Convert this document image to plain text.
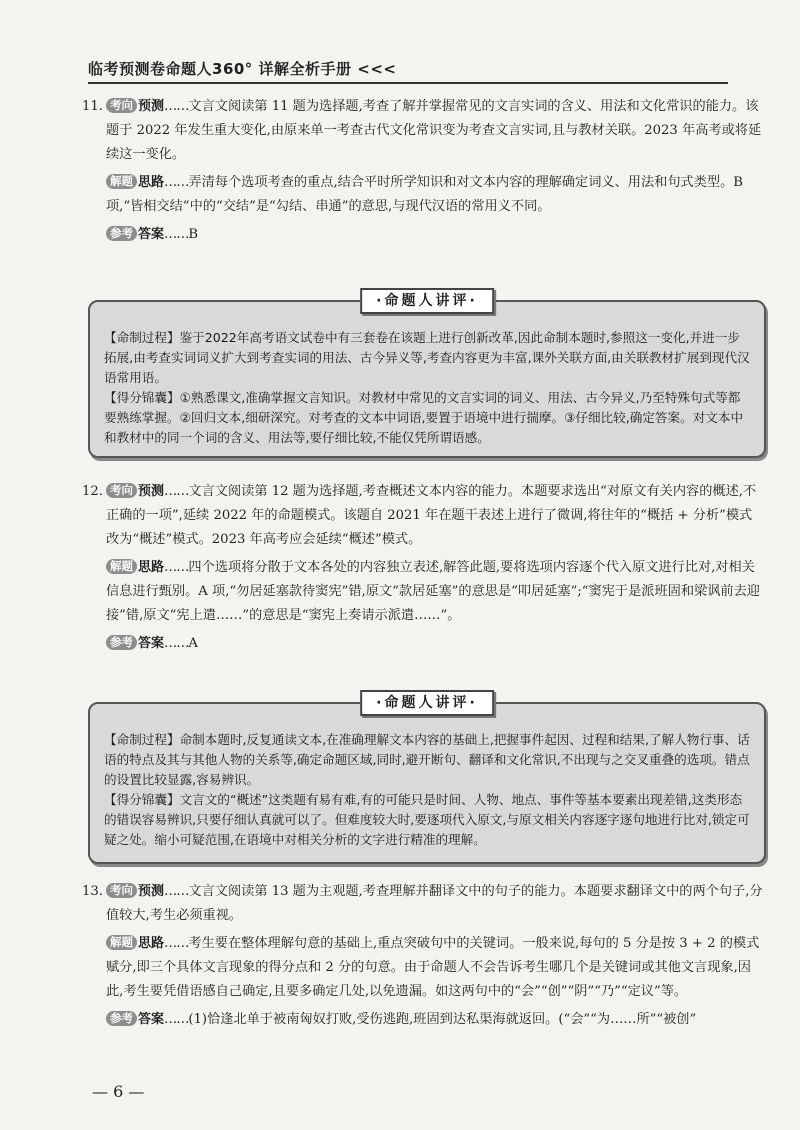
临考预测卷命题人360° 详解全析手册 <<<
11. 考向 预测……文言文阅读第 11 题为选择题,考查了解并掌握常见的文言实词的含义、用法和文化常识的能力。该题于 2022 年发生重大变化,由原来单一考查古代文化常识变为考查文言实词,且与教材关联。2023 年高考或将延续这一变化。

解题 思路……弄清每个选项考查的重点,结合平时所学知识和对文本内容的理解确定词义、用法和句式类型。B 项,“皆相交结”中的“交结”是“勾结、串通”的意思,与现代汉语的常用义不同。

参考 答案……B

·命题人讲评·

【命制过程】鉴于2022年高考语文试卷中有三套卷在该题上进行创新改革,因此命制本题时,参照这一变化,并进一步拓展,由考查实词词义扩大到考查实词的用法、古今异义等,考查内容更为丰富,课外关联方面,由关联教材扩展到现代汉语常用语。

【得分锦囊】①熟悉课文,准确掌握文言知识。对教材中常见的文言实词的词义、用法、古今异义,乃至特殊句式等都要熟练掌握。②回归文本,细研深究。对考查的文本中词语,要置于语境中进行揣摩。③仔细比较,确定答案。对文本中和教材中的同一个词的含义、用法等,要仔细比较,不能仅凭所谓语感。

12. 考向 预测……文言文阅读第 12 题为选择题,考查概述文本内容的能力。本题要求选出“对原文有关内容的概述,不正确的一项”,延续 2022 年的命题模式。该题自 2021 年在题干表述上进行了微调,将往年的“概括 + 分析”模式改为“概述”模式。2023 年高考应会延续“概述”模式。

解题 思路……四个选项将分散于文本各处的内容独立表述,解答此题,要将选项内容逐个代入原文进行比对,对相关信息进行甄别。A 项,“勿居延塞款待窦宪”错,原文“款居延塞”的意思是“叩居延塞”;“窦宪于是派班固和梁讽前去迎接”错,原文“宪上遣……”的意思是“窦宪上奏请示派遣……”。

参考 答案……A

·命题人讲评·

【命制过程】命制本题时,反复通读文本,在准确理解文本内容的基础上,把握事件起因、过程和结果,了解人物行事、话语的特点及其与其他人物的关系等,确定命题区域,同时,避开断句、翻译和文化常识,不出现与之交叉重叠的选项。错点的设置比较显露,容易辨识。

【得分锦囊】文言文的“概述”这类题有易有难,有的可能只是时间、人物、地点、事件等基本要素出现差错,这类形态的错误容易辨识,只要仔细认真就可以了。但难度较大时,要逐项代入原文,与原文相关内容逐字逐句地进行比对,锁定可疑之处。缩小可疑范围,在语境中对相关分析的文字进行精准的理解。

13. 考向 预测……文言文阅读第 13 题为主观题,考查理解并翻译文中的句子的能力。本题要求翻译文中的两个句子,分值较大,考生必须重视。

解题 思路……考生要在整体理解句意的基础上,重点突破句中的关键词。一般来说,每句的 5 分是按 3 + 2 的模式赋分,即三个具体文言现象的得分点和 2 分的句意。由于命题人不会告诉考生哪几个是关键词或其他文言现象,因此,考生要凭借语感自己确定,且要多确定几处,以免遗漏。如这两句中的“会”“创”“阴”“乃”“定议”等。

参考 答案……(1)恰逢北单于被南匈奴打败,受伤逃跑,班固到达私渠海就返回。(“会”“为……所”“被创”

— 6 —
